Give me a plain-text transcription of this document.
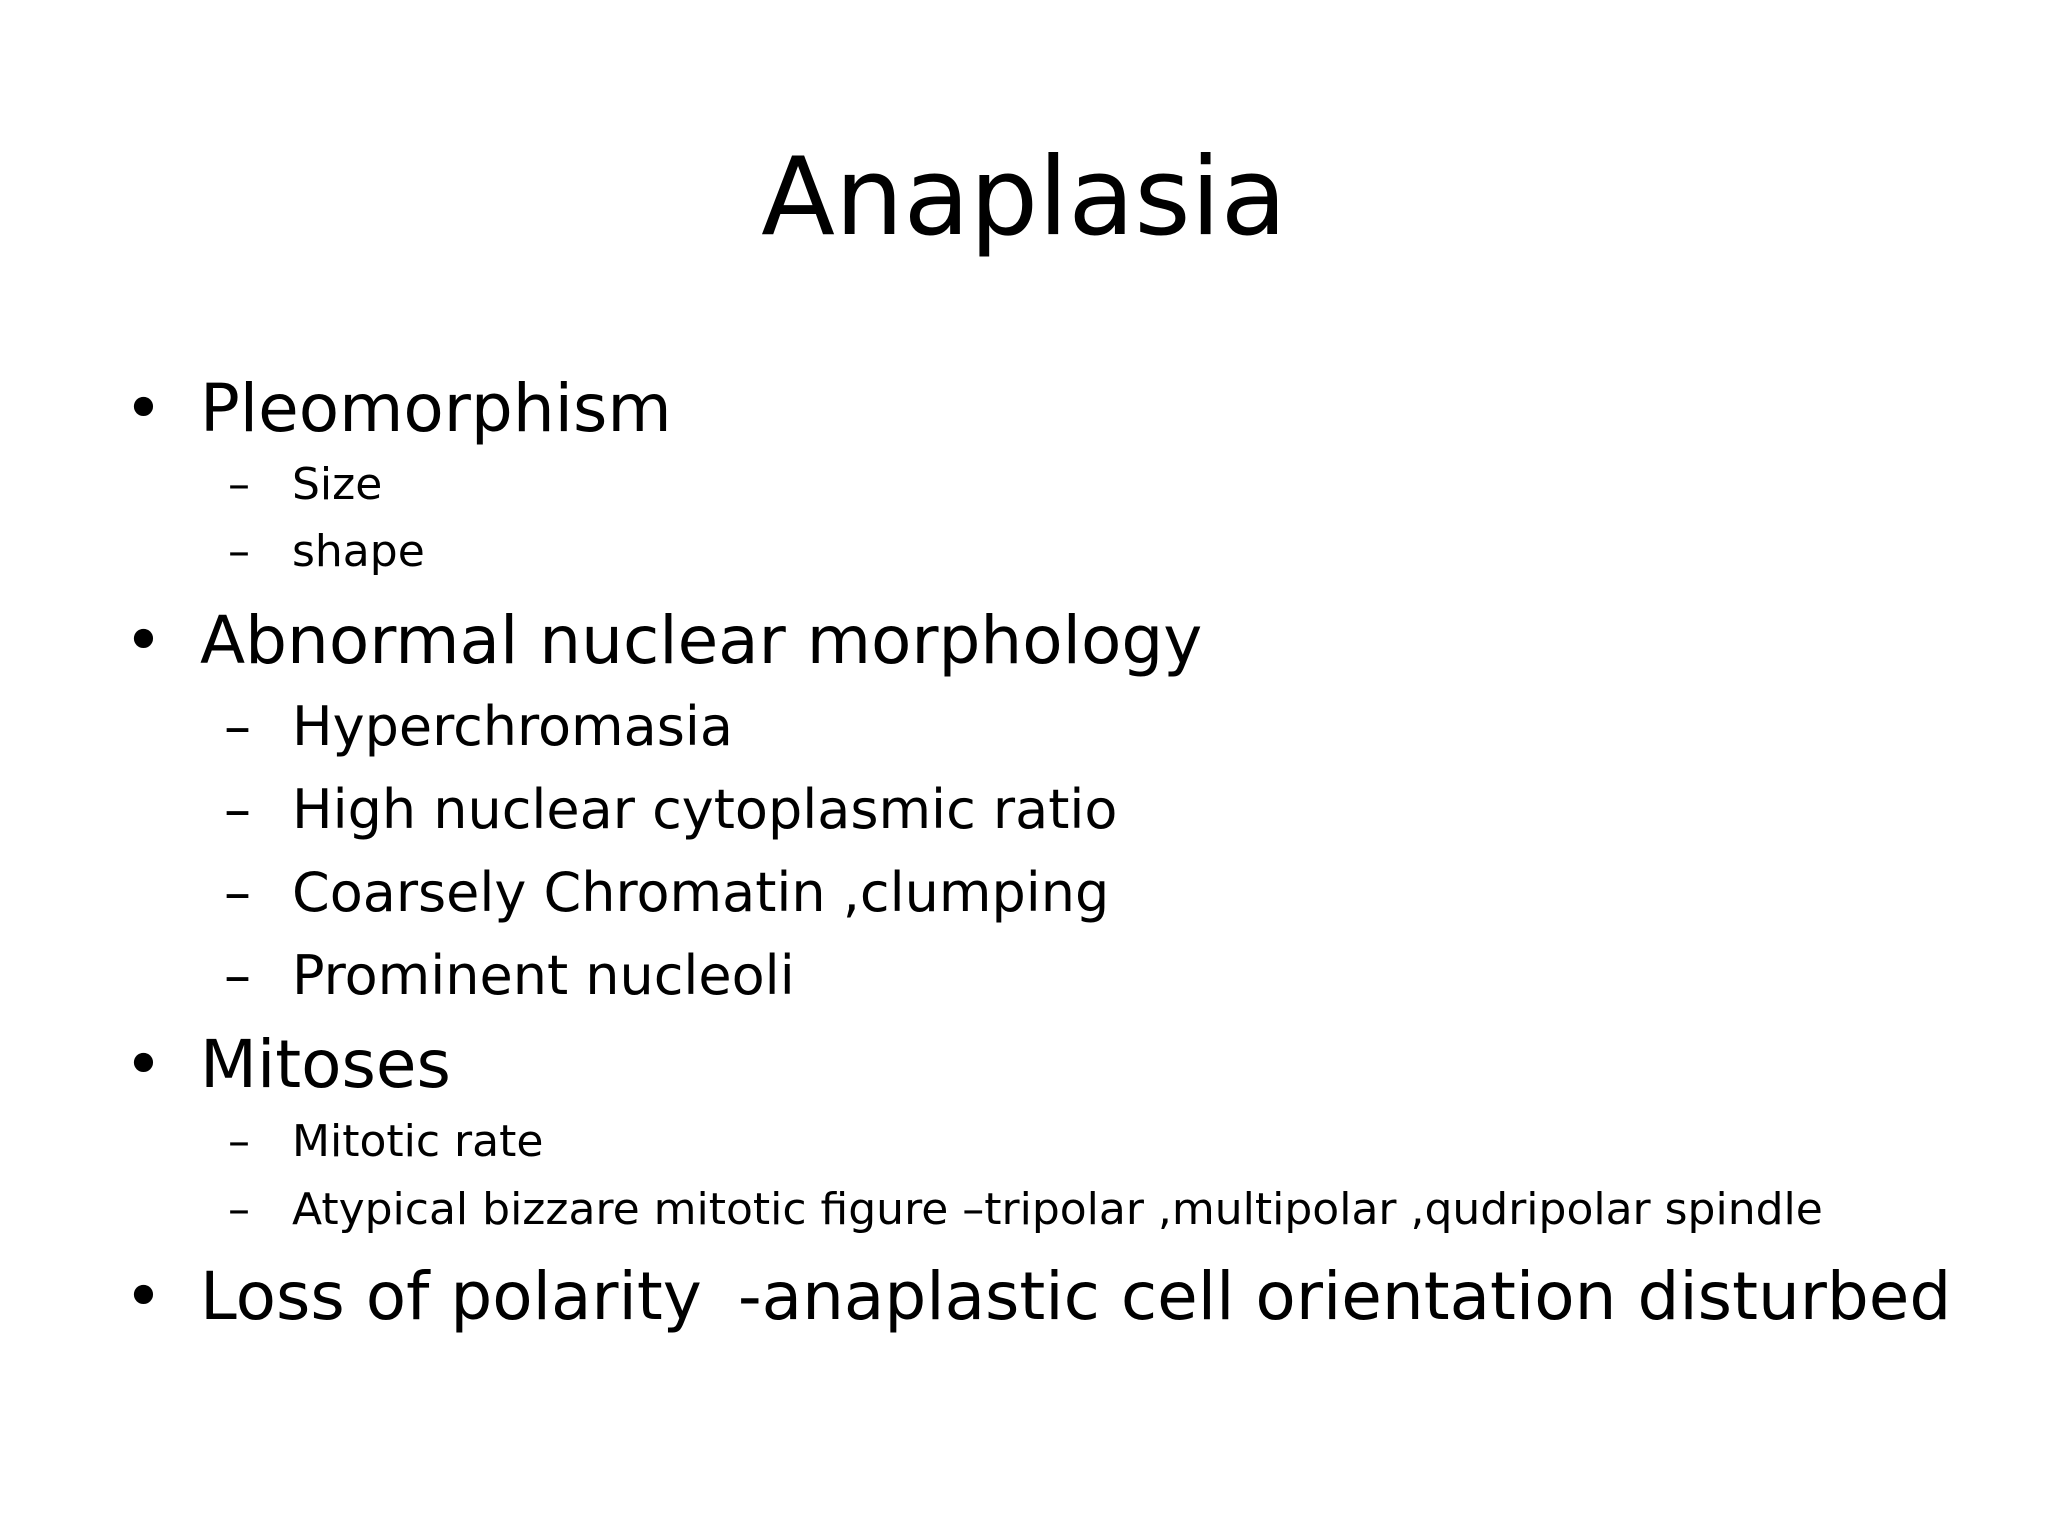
Anaplasia
• Pleomorphism
– Size
– shape
• Abnormal nuclear morphology
– Hyperchromasia
– High nuclear cytoplasmic ratio
– Coarsely Chromatin ,clumping
– Prominent nucleoli
• Mitoses
– Mitotic rate
– Atypical bizzare mitotic figure –tripolar ,multipolar ,qudripolar spindle
• Loss of polarity -anaplastic cell orientation disturbed
